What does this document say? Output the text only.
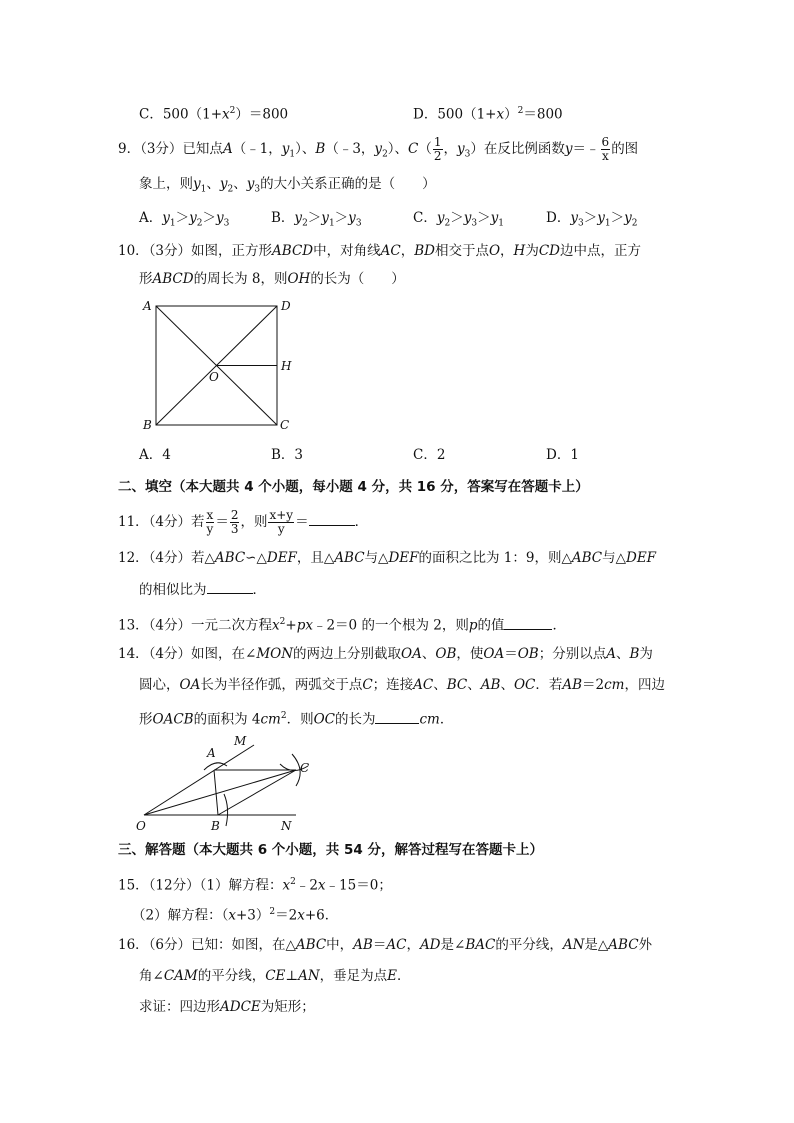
C．$500(1+x^2)=800$	D．$500(1+x)^2=800$
9．（3分）已知点A（﹣1，$y_1$）、B（﹣3，$y_2$）、$C( \frac{1}{2}$ ，$y_3$）在反比例函数y＝﹣ $\frac{6}{x}$ 的图
象上，则$y_1$、$y_2$、$y_3$的大小关系正确的是（　　）
A．$y_1>y_2>y_3$	B．$y_2>y_1>y_3$	C．$y_2>y_3>y_1$	D．$y_3>y_1>y_2$
10．（3分）如图，正方形ABCD中，对角线AC，BD相交于点O，H为CD边中点，正方
形ABCD的周长为 8，则OH的长为（　　）
A	D
H
O
B	C
A．4	B．3	C．2	D．1
二、填空（本大题共 4 个小题，每小题 4 分，共 16 分，答案写在答题卡上）
11．（4分）若 $\frac{x}{y} = \frac{2}{3}$ ，则 $\frac{x+y}{y}$ ＝	．
12．（4分）若△ABC∽△DEF，且△ABC与△DEF的面积之比为 1：9，则△ABC与△DEF
的相似比为	．
13．（4分）一元二次方程$x^2+px﹣2=0$ 的一个根为 2，则p的值	．
14．（4分）如图，在∠MON的两边上分别截取OA、OB，使OA＝OB；分别以点A、B为
圆心，OA长为半径作弧，两弧交于点C；连接AC、BC、AB、OC．若AB＝2cm，四边
形OACB的面积为 $4cm^2$．则OC的长为	cm．
O
A
M
C
B	N
三、解答题（本大题共 6 个小题，共 54 分，解答过程写在答题卡上）
15．（12分）（1）解方程：$x^2﹣2x﹣15=0$；
（2）解方程：$(x+3)^2=2x+6$．
16．（6分）已知：如图，在△ABC中，AB＝AC，AD是∠BAC的平分线，AN是△ABC外
角∠CAM的平分线，CE⊥AN，垂足为点E．
求证：四边形ADCE为矩形；
